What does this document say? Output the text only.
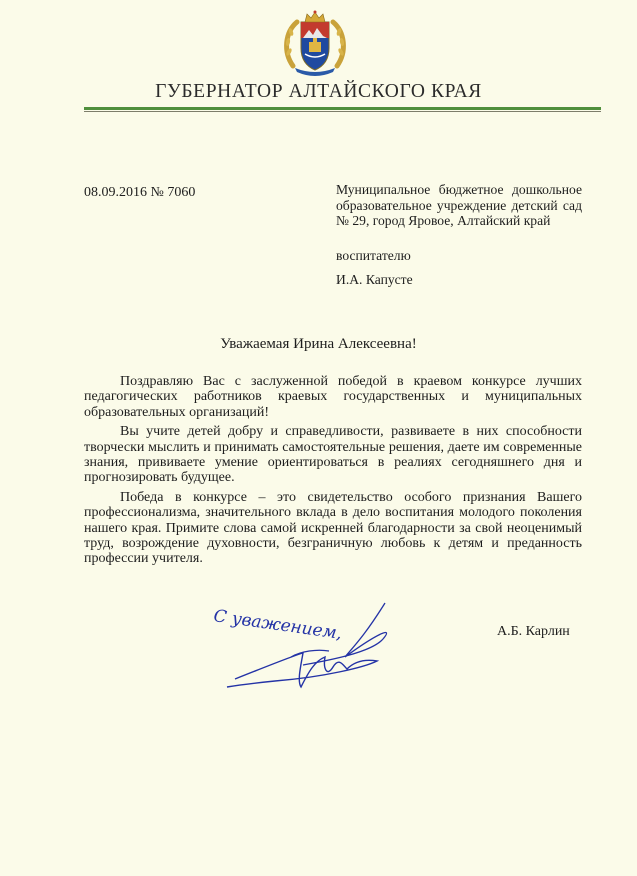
ГУБЕРНАТОР АЛТАЙСКОГО КРАЯ
08.09.2016 № 7060	Муниципальное бюджетное дошкольное образовательное учреждение детский сад № 29, город Яровое, Алтайский край
воспитателю
И.А. Капусте
Уважаемая Ирина Алексеевна!

Поздравляю Вас с заслуженной победой в краевом конкурсе лучших педагогических работников краевых государственных и муниципальных образовательных организаций!

Вы учите детей добру и справедливости, развиваете в них способности творчески мыслить и принимать самостоятельные решения, даете им современные знания, прививаете умение ориентироваться в реалиях сегодняшнего дня и прогнозировать будущее.

Победа в конкурсе – это свидетельство особого признания Вашего профессионализма, значительного вклада в дело воспитания молодого поколения нашего края. Примите слова самой искренней благодарности за свой неоценимый труд, возрождение духовности, безграничную любовь к детям и преданность профессии учителя.

С уважением,	А.Б. Карлин
